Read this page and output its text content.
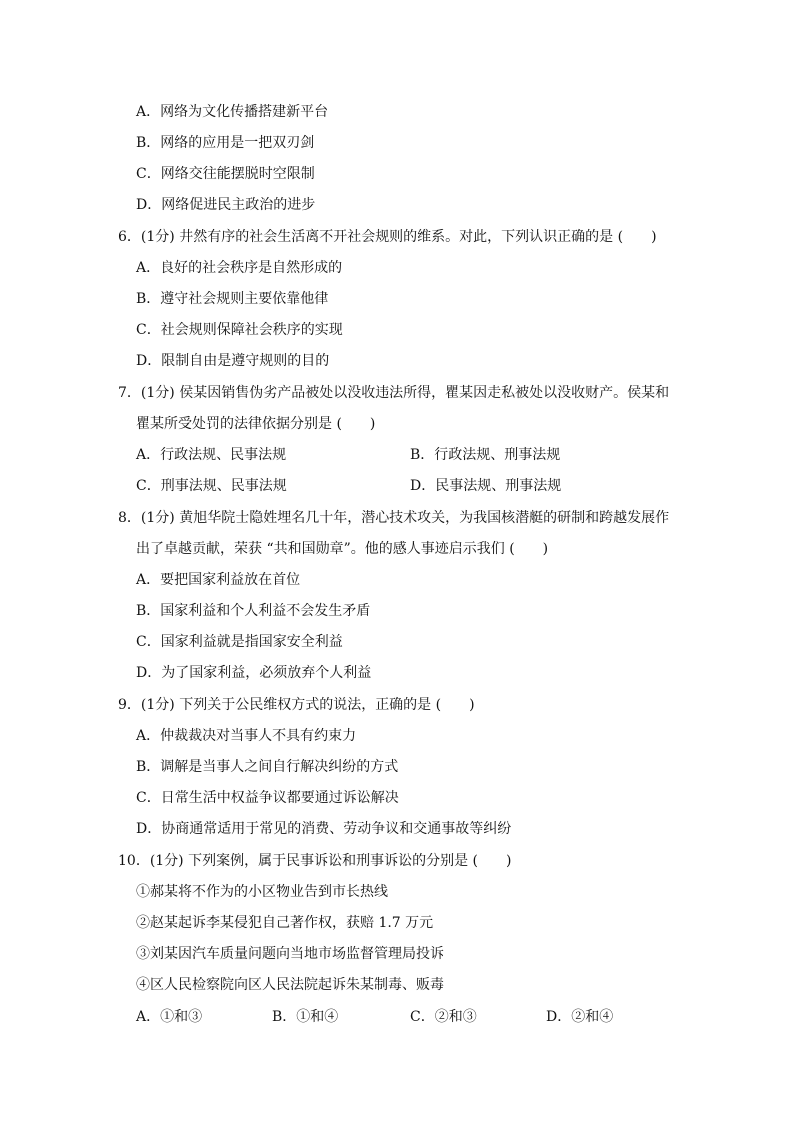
A．网络为文化传播搭建新平台
B．网络的应用是一把双刃剑
C．网络交往能摆脱时空限制
D．网络促进民主政治的进步
6．(1分) 井然有序的社会生活离不开社会规则的维系。对此，下列认识正确的是 (　　)
A．良好的社会秩序是自然形成的
B．遵守社会规则主要依靠他律
C．社会规则保障社会秩序的实现
D．限制自由是遵守规则的目的
7．(1分) 侯某因销售伪劣产品被处以没收违法所得，瞿某因走私被处以没收财产。侯某和
瞿某所受处罚的法律依据分别是 (　　)
A．行政法规、民事法规	B．行政法规、刑事法规
C．刑事法规、民事法规	D．民事法规、刑事法规
8．(1分) 黄旭华院士隐姓埋名几十年，潜心技术攻关，为我国核潜艇的研制和跨越发展作
出了卓越贡献，荣获 “共和国勋章”。他的感人事迹启示我们 (　　)
A．要把国家利益放在首位
B．国家利益和个人利益不会发生矛盾
C．国家利益就是指国家安全利益
D．为了国家利益，必须放弃个人利益
9．(1分) 下列关于公民维权方式的说法，正确的是 (　　)
A．仲裁裁决对当事人不具有约束力
B．调解是当事人之间自行解决纠纷的方式
C．日常生活中权益争议都要通过诉讼解决
D．协商通常适用于常见的消费、劳动争议和交通事故等纠纷
10．(1分) 下列案例，属于民事诉讼和刑事诉讼的分别是 (　　)
①郝某将不作为的小区物业告到市长热线
②赵某起诉李某侵犯自己著作权，获赔 1.7 万元
③刘某因汽车质量问题向当地市场监督管理局投诉
④区人民检察院向区人民法院起诉朱某制毒、贩毒
A．①和③	B．①和④	C．②和③	D．②和④
